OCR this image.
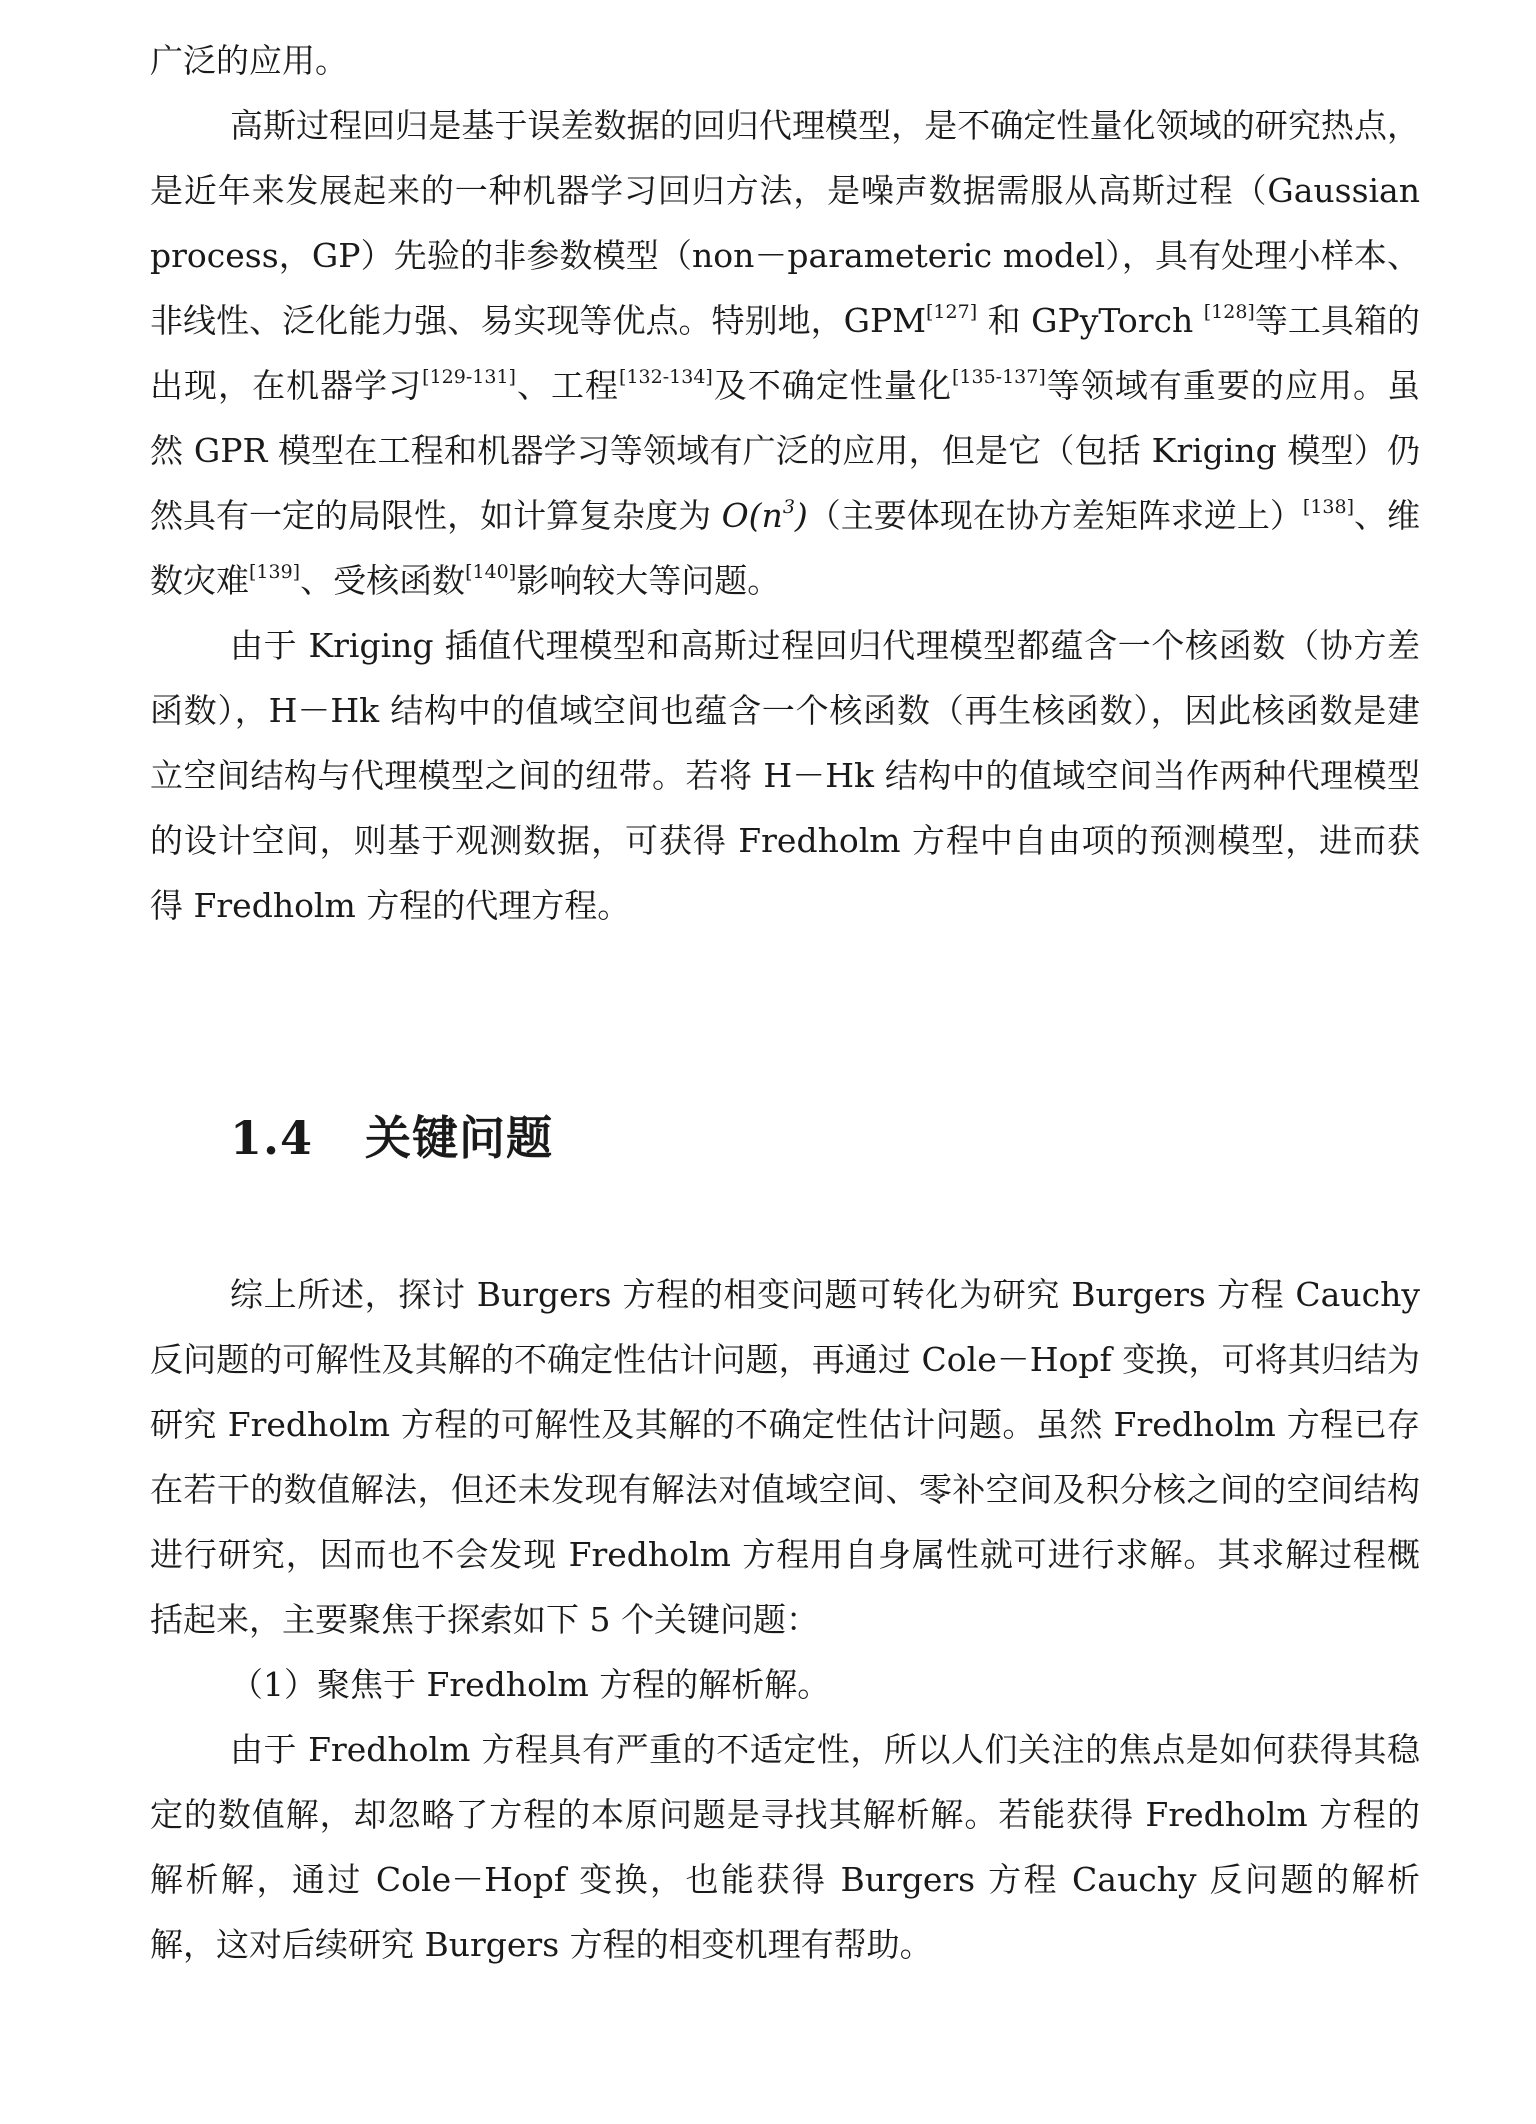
广泛的应用。

高斯过程回归是基于误差数据的回归代理模型，是不确定性量化领域的研究热点，是近年来发展起来的一种机器学习回归方法，是噪声数据需服从高斯过程（Gaussian process，GP）先验的非参数模型（non－parameteric model），具有处理小样本、非线性、泛化能力强、易实现等优点。特别地，GPM[127] 和 GPyTorch [128]等工具箱的出现，在机器学习[129-131]、工程[132-134]及不确定性量化[135-137]等领域有重要的应用。虽然 GPR 模型在工程和机器学习等领域有广泛的应用，但是它（包括 Kriging 模型）仍然具有一定的局限性，如计算复杂度为 $O(n^3)$（主要体现在协方差矩阵求逆上）[138]、维数灾难[139]、受核函数[140]影响较大等问题。

由于 Kriging 插值代理模型和高斯过程回归代理模型都蕴含一个核函数（协方差函数），H－Hk 结构中的值域空间也蕴含一个核函数（再生核函数），因此核函数是建立空间结构与代理模型之间的纽带。若将 H－Hk 结构中的值域空间当作两种代理模型的设计空间，则基于观测数据，可获得 Fredholm 方程中自由项的预测模型，进而获得 Fredholm 方程的代理方程。

1.4 关键问题

综上所述，探讨 Burgers 方程的相变问题可转化为研究 Burgers 方程 Cauchy 反问题的可解性及其解的不确定性估计问题，再通过 Cole－Hopf 变换，可将其归结为研究 Fredholm 方程的可解性及其解的不确定性估计问题。虽然 Fredholm 方程已存在若干的数值解法，但还未发现有解法对值域空间、零补空间及积分核之间的空间结构进行研究，因而也不会发现 Fredholm 方程用自身属性就可进行求解。其求解过程概括起来，主要聚焦于探索如下 5 个关键问题：

（1）聚焦于 Fredholm 方程的解析解。

由于 Fredholm 方程具有严重的不适定性，所以人们关注的焦点是如何获得其稳定的数值解，却忽略了方程的本原问题是寻找其解析解。若能获得 Fredholm 方程的解析解，通过 Cole－Hopf 变换，也能获得 Burgers 方程 Cauchy 反问题的解析解，这对后续研究 Burgers 方程的相变机理有帮助。
